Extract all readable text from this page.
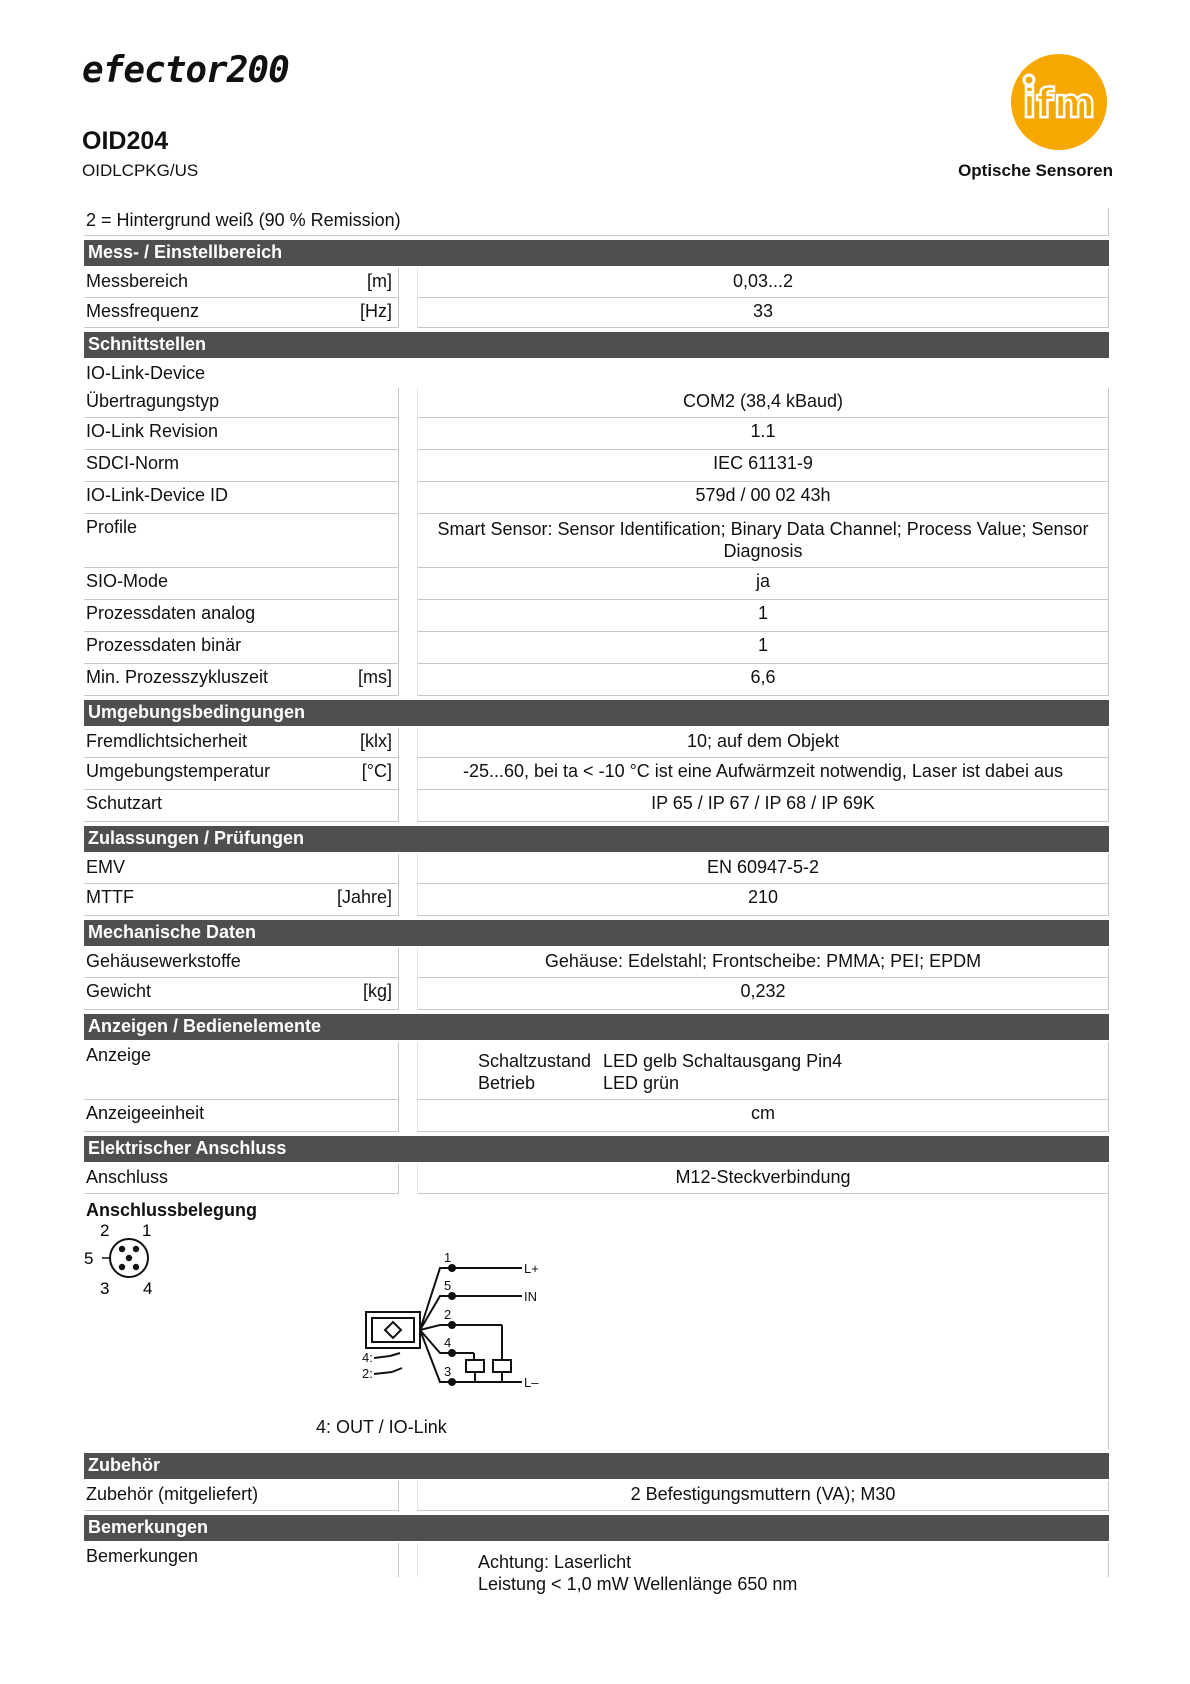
efector200
OID204
OIDLCPKG/US
ifm
Optische Sensoren
2 = Hintergrund weiß (90 % Remission)
Mess- / Einstellbereich
Messbereich	[m]	0,03...2
Messfrequenz	[Hz]	33
Schnittstellen
IO-Link-Device
Übertragungstyp	COM2 (38,4 kBaud)
IO-Link Revision	1.1
SDCI-Norm	IEC 61131-9
IO-Link-Device ID	579d / 00 02 43h
Profile	Smart Sensor: Sensor Identification; Binary Data Channel; Process Value; Sensor
Diagnosis
SIO-Mode	ja
Prozessdaten analog	1
Prozessdaten binär	1
Min. Prozesszykluszeit	[ms]	6,6
Umgebungsbedingungen
Fremdlichtsicherheit	[klx]	10; auf dem Objekt
Umgebungstemperatur	[°C]	-25...60, bei ta < -10 °C ist eine Aufwärmzeit notwendig, Laser ist dabei aus
Schutzart	IP 65 / IP 67 / IP 68 / IP 69K
Zulassungen / Prüfungen
EMV	EN 60947-5-2
MTTF	[Jahre]	210
Mechanische Daten
Gehäusewerkstoffe	Gehäuse: Edelstahl; Frontscheibe: PMMA; PEI; EPDM
Gewicht	[kg]	0,232
Anzeigen / Bedienelemente
Anzeige	Schaltzustand LED gelb Schaltausgang Pin4
Betrieb	LED grün
Anzeigeeinheit	cm
Elektrischer Anschluss
Anschluss	M12-Steckverbindung
Anschlussbelegung
2 1
5
3 4
1
5
2
4
3
L+
IN
L–
4:
2:
4: OUT / IO-Link
Zubehör
Zubehör (mitgeliefert)	2 Befestigungsmuttern (VA); M30
Bemerkungen
Bemerkungen	Achtung: Laserlicht
Leistung < 1,0 mW Wellenlänge 650 nm
